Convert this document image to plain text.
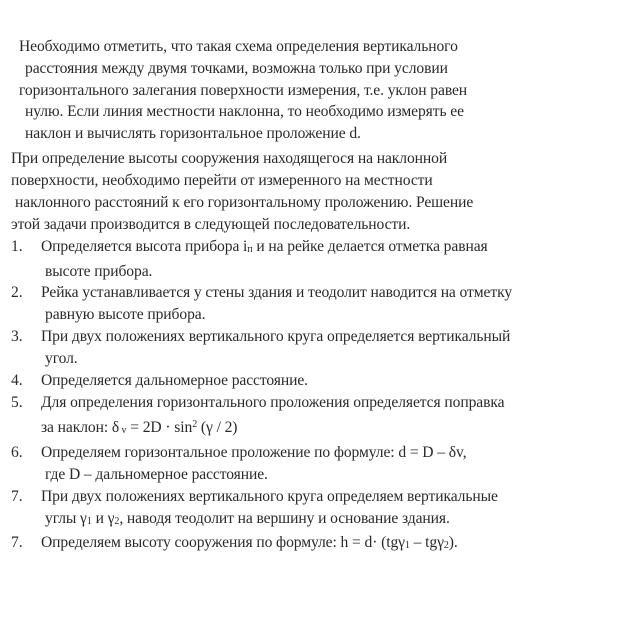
Необходимо отметить, что такая схема определения вертикального
расстояния между двумя точками, возможна только при условии
горизонтального залегания поверхности измерения, т.е. уклон равен
нулю. Если линия местности наклонна, то необходимо измерять ее
наклон и вычислять горизонтальное проложение d.
При определение высоты сооружения находящегося на наклонной
поверхности, необходимо перейти от измеренного на местности
наклонного расстояний к его горизонтальному проложению. Решение
этой задачи производится в следующей последовательности.
1. Определяется высота прибора iп и на рейке делается отметка равная
высоте прибора.
2. Рейка устанавливается у стены здания и теодолит наводится на отметку
равную высоте прибора.
3. При двух положениях вертикального круга определяется вертикальный
угол.
4. Определяется дальномерное расстояние.
5. Для определения горизонтального проложения определяется поправка
за наклон: δ $v = 2D \cdot \sin^2 (\gamma / 2)$
6. Определяем горизонтальное проложение по формуле: d = D – δv,
где D – дальномерное расстояние.
7. При двух положениях вертикального круга определяем вертикальные
углы γ1 и γ2, наводя теодолит на вершину и основание здания.
7. Определяем высоту сооружения по формуле: h = d· (tgγ1 – tgγ2).
